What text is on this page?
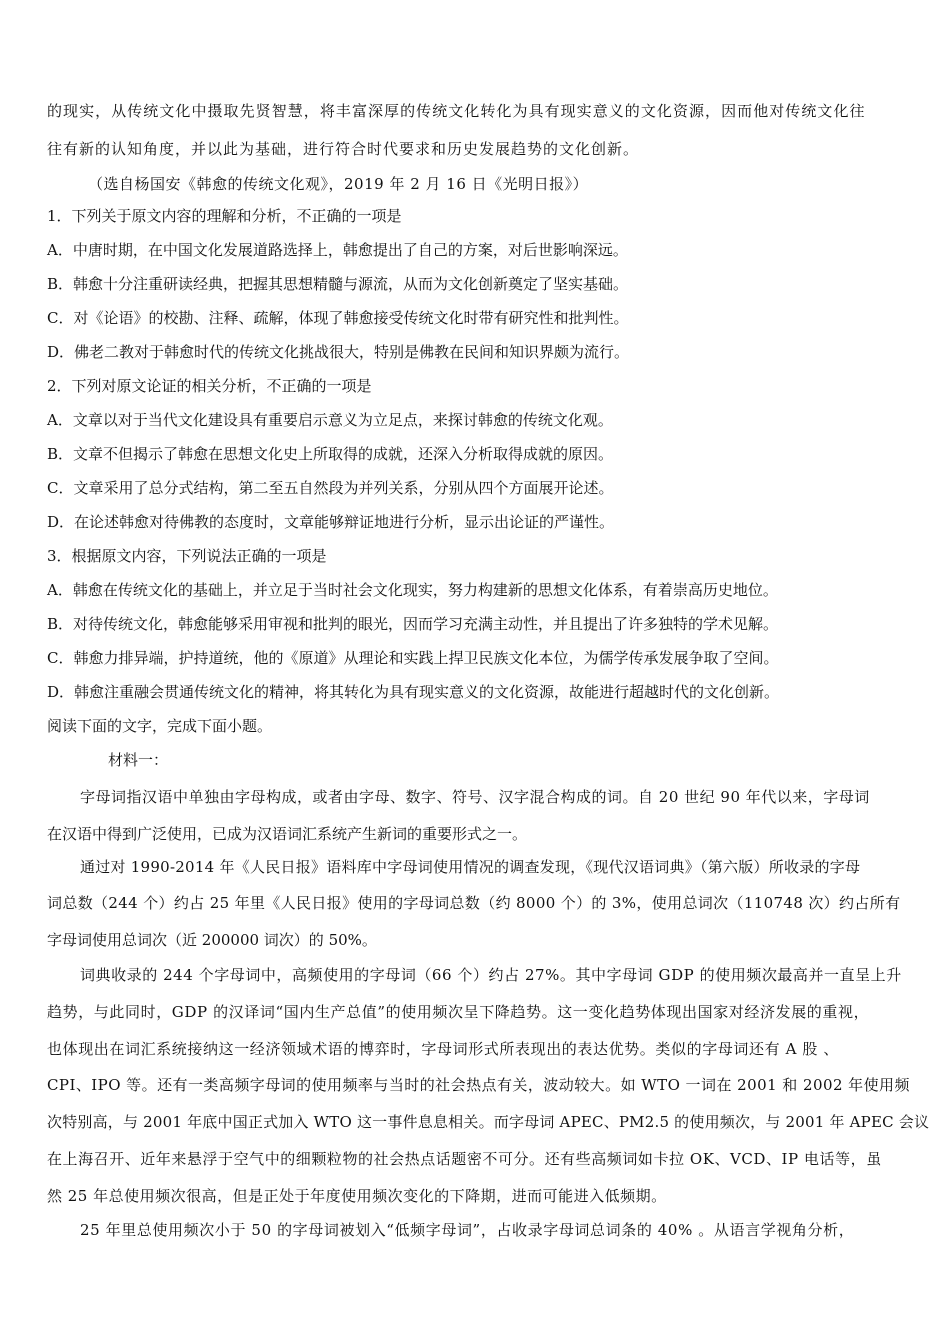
的现实，从传统文化中摄取先贤智慧，将丰富深厚的传统文化转化为具有现实意义的文化资源，因而他对传统文化往
往有新的认知角度，并以此为基础，进行符合时代要求和历史发展趋势的文化创新。
（选自杨国安《韩愈的传统文化观》，2019 年 2 月 16 日《光明日报》）
1．下列关于原文内容的理解和分析，不正确的一项是
A．中唐时期，在中国文化发展道路选择上，韩愈提出了自己的方案，对后世影响深远。
B．韩愈十分注重研读经典，把握其思想精髓与源流，从而为文化创新奠定了坚实基础。
C．对《论语》的校勘、注释、疏解，体现了韩愈接受传统文化时带有研究性和批判性。
D．佛老二教对于韩愈时代的传统文化挑战很大，特别是佛教在民间和知识界颇为流行。
2．下列对原文论证的相关分析，不正确的一项是
A．文章以对于当代文化建设具有重要启示意义为立足点，来探讨韩愈的传统文化观。
B．文章不但揭示了韩愈在思想文化史上所取得的成就，还深入分析取得成就的原因。
C．文章采用了总分式结构，第二至五自然段为并列关系，分别从四个方面展开论述。
D．在论述韩愈对待佛教的态度时，文章能够辩证地进行分析，显示出论证的严谨性。
3．根据原文内容，下列说法正确的一项是
A．韩愈在传统文化的基础上，并立足于当时社会文化现实，努力构建新的思想文化体系，有着崇高历史地位。
B．对待传统文化，韩愈能够采用审视和批判的眼光，因而学习充满主动性，并且提出了许多独特的学术见解。
C．韩愈力排异端，护持道统，他的《原道》从理论和实践上捍卫民族文化本位，为儒学传承发展争取了空间。
D．韩愈注重融会贯通传统文化的精神，将其转化为具有现实意义的文化资源，故能进行超越时代的文化创新。
阅读下面的文字，完成下面小题。
材料一：
字母词指汉语中单独由字母构成，或者由字母、数字、符号、汉字混合构成的词。自 20 世纪 90 年代以来，字母词
在汉语中得到广泛使用，已成为汉语词汇系统产生新词的重要形式之一。
通过对 1990-2014 年《人民日报》语料库中字母词使用情况的调查发现，《现代汉语词典》（第六版）所收录的字母
词总数（244 个）约占 25 年里《人民日报》使用的字母词总数（约 8000 个）的 3%，使用总词次（110748 次）约占所有
字母词使用总词次（近 200000 词次）的 50%。
词典收录的 244 个字母词中，高频使用的字母词（66 个）约占 27%。其中字母词 GDP 的使用频次最高并一直呈上升
趋势，与此同时，GDP 的汉译词“国内生产总值”的使用频次呈下降趋势。这一变化趋势体现出国家对经济发展的重视，
也体现出在词汇系统接纳这一经济领域术语的博弈时，字母词形式所表现出的表达优势。类似的字母词还有 A 股 、
CPI、IPO 等。还有一类高频字母词的使用频率与当时的社会热点有关，波动较大。如 WTO 一词在 2001 和 2002 年使用频
次特别高，与 2001 年底中国正式加入 WTO 这一事件息息相关。而字母词 APEC、PM2.5 的使用频次，与 2001 年 APEC 会议
在上海召开、近年来悬浮于空气中的细颗粒物的社会热点话题密不可分。还有些高频词如卡拉 OK、VCD、IP 电话等，虽
然 25 年总使用频次很高，但是正处于年度使用频次变化的下降期，进而可能进入低频期。
25 年里总使用频次小于 50 的字母词被划入“低频字母词”，占收录字母词总词条的 40% 。从语言学视角分析，
